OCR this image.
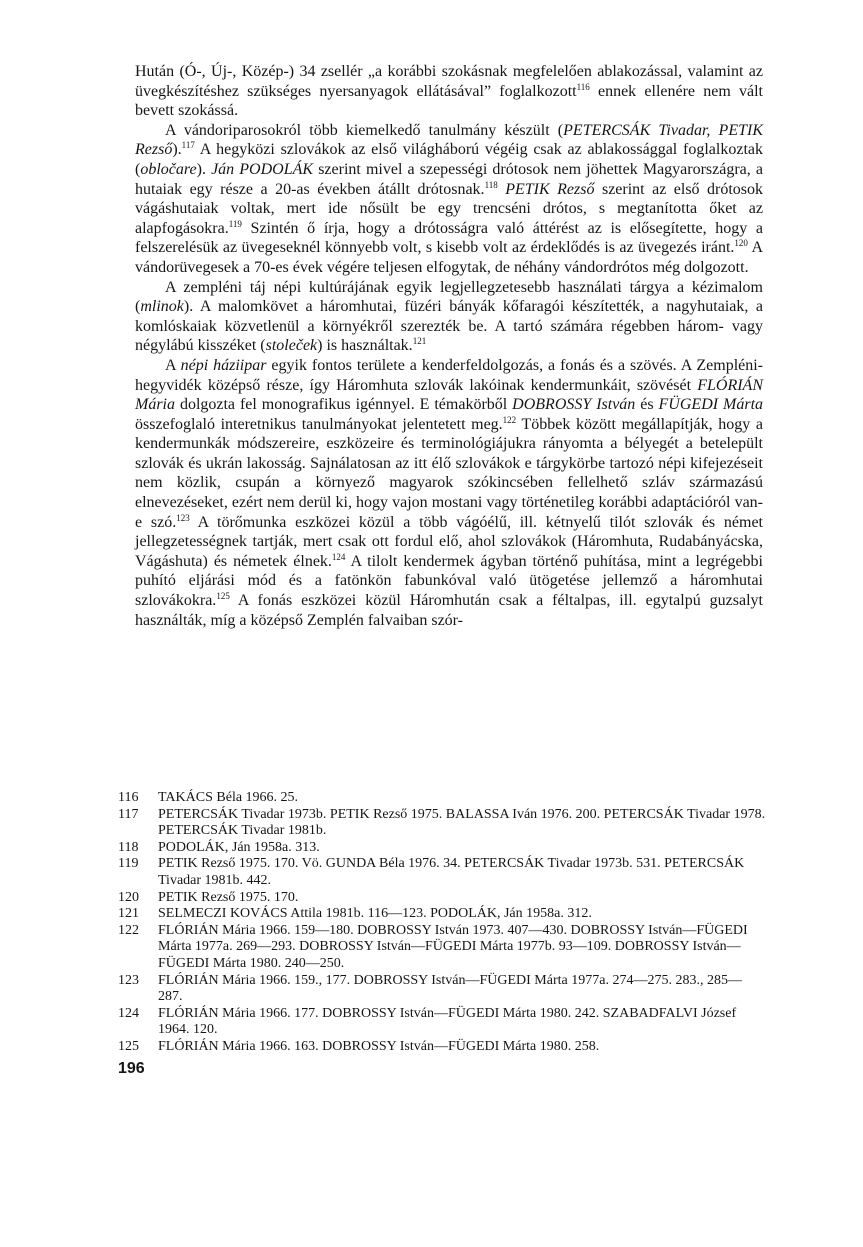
Hután (Ó-, Új-, Közép-) 34 zsellér „a korábbi szokásnak megfelelően ablakozással, valamint az üvegkészítéshez szükséges nyersanyagok ellátásával” foglalkozott$^{116}$ ennek ellenére nem vált bevett szokássá.

A vándoriparosokról több kiemelkedő tanulmány készült (PETERCSÁK Tivadar, PETIK Rezső).$^{117}$ A hegyközi szlovákok az első világháború végéig csak az ablakossággal foglalkoztak (obločare). Ján PODOLÁK szerint mivel a szepességi drótosok nem jöhettek Magyarországra, a hutaiak egy része a 20-as években átállt drótosnak.$^{118}$ PETIK Rezső szerint az első drótosok vágáshutaiak voltak, mert ide nősült be egy trencséni drótos, s megtanította őket az alapfogásokra.$^{119}$ Szintén ő írja, hogy a drótosságra való áttérést az is elősegítette, hogy a felszerelésük az üvegeseknél könnyebb volt, s kisebb volt az érdeklődés is az üvegezés iránt.$^{120}$ A vándorüvegesek a 70-es évek végére teljesen elfogytak, de néhány vándordrótos még dolgozott.

A zempléni táj népi kultúrájának egyik legjellegzetesebb használati tárgya a kézimalom (mlinok). A malomkövet a háromhutai, füzéri bányák kőfaragói készítették, a nagyhutaiak, a komlóskaiak közvetlenül a környékről szerezték be. A tartó számára régebben három- vagy négylábú kisszéket (stoleček) is használtak.$^{121}$

A népi háziipar egyik fontos területe a kenderfeldolgozás, a fonás és a szövés. A Zempléni-hegyvidék középső része, így Háromhuta szlovák lakóinak kendermunkáit, szövését FLÓRIÁN Mária dolgozta fel monografikus igénnyel. E témakörből DOBROSSY István és FÜGEDI Márta összefoglaló interetnikus tanulmányokat jelentetett meg.$^{122}$ Többek között megállapítják, hogy a kendermunkák módszereire, eszközeire és terminológiájukra rányomta a bélyegét a betelepült szlovák és ukrán lakosság. Sajnálatosan az itt élő szlovákok e tárgykörbe tartozó népi kifejezéseit nem közlik, csupán a környező magyarok szókincsében fellelhető szláv származású elnevezéseket, ezért nem derül ki, hogy vajon mostani vagy történetileg korábbi adaptációról van-e szó.$^{123}$ A törőmunka eszközei közül a több vágóélű, ill. kétnyelű tilót szlovák és német jellegzetességnek tartják, mert csak ott fordul elő, ahol szlovákok (Háromhuta, Rudabányácska, Vágáshuta) és németek élnek.$^{124}$ A tilolt kendermek ágyban történő puhítása, mint a legrégebbi puhító eljárási mód és a fatönkön fabunkóval való ütögetése jellemző a háromhutai szlovákokra.$^{125}$ A fonás eszközei közül Háromhután csak a féltalpas, ill. egytalpú guzsalyt használták, míg a középső Zemplén falvaiban szór-

116	TAKÁCS Béla 1966. 25.
117	PETERCSÁK Tivadar 1973b. PETIK Rezső 1975. BALASSA Iván 1976. 200. PETERCSÁK Tivadar 1978. PETERCSÁK Tivadar 1981b.
118	PODOLÁK, Ján 1958a. 313.
119	PETIK Rezső 1975. 170. Vö. GUNDA Béla 1976. 34. PETERCSÁK Tivadar 1973b. 531. PETERCSÁK Tivadar 1981b. 442.
120	PETIK Rezső 1975. 170.
121	SELMECZI KOVÁCS Attila 1981b. 116—123. PODOLÁK, Ján 1958a. 312.
122	FLÓRIÁN Mária 1966. 159—180. DOBROSSY István 1973. 407—430. DOBROSSY István—FÜGEDI Márta 1977a. 269—293. DOBROSSY István—FÜGEDI Márta 1977b. 93—109. DOBROSSY István—FÜGEDI Márta 1980. 240—250.
123	FLÓRIÁN Mária 1966. 159., 177. DOBROSSY István—FÜGEDI Márta 1977a. 274—275. 283., 285—287.
124	FLÓRIÁN Mária 1966. 177. DOBROSSY István—FÜGEDI Márta 1980. 242. SZABADFALVI József 1964. 120.
125	FLÓRIÁN Mária 1966. 163. DOBROSSY István—FÜGEDI Márta 1980. 258.
196
